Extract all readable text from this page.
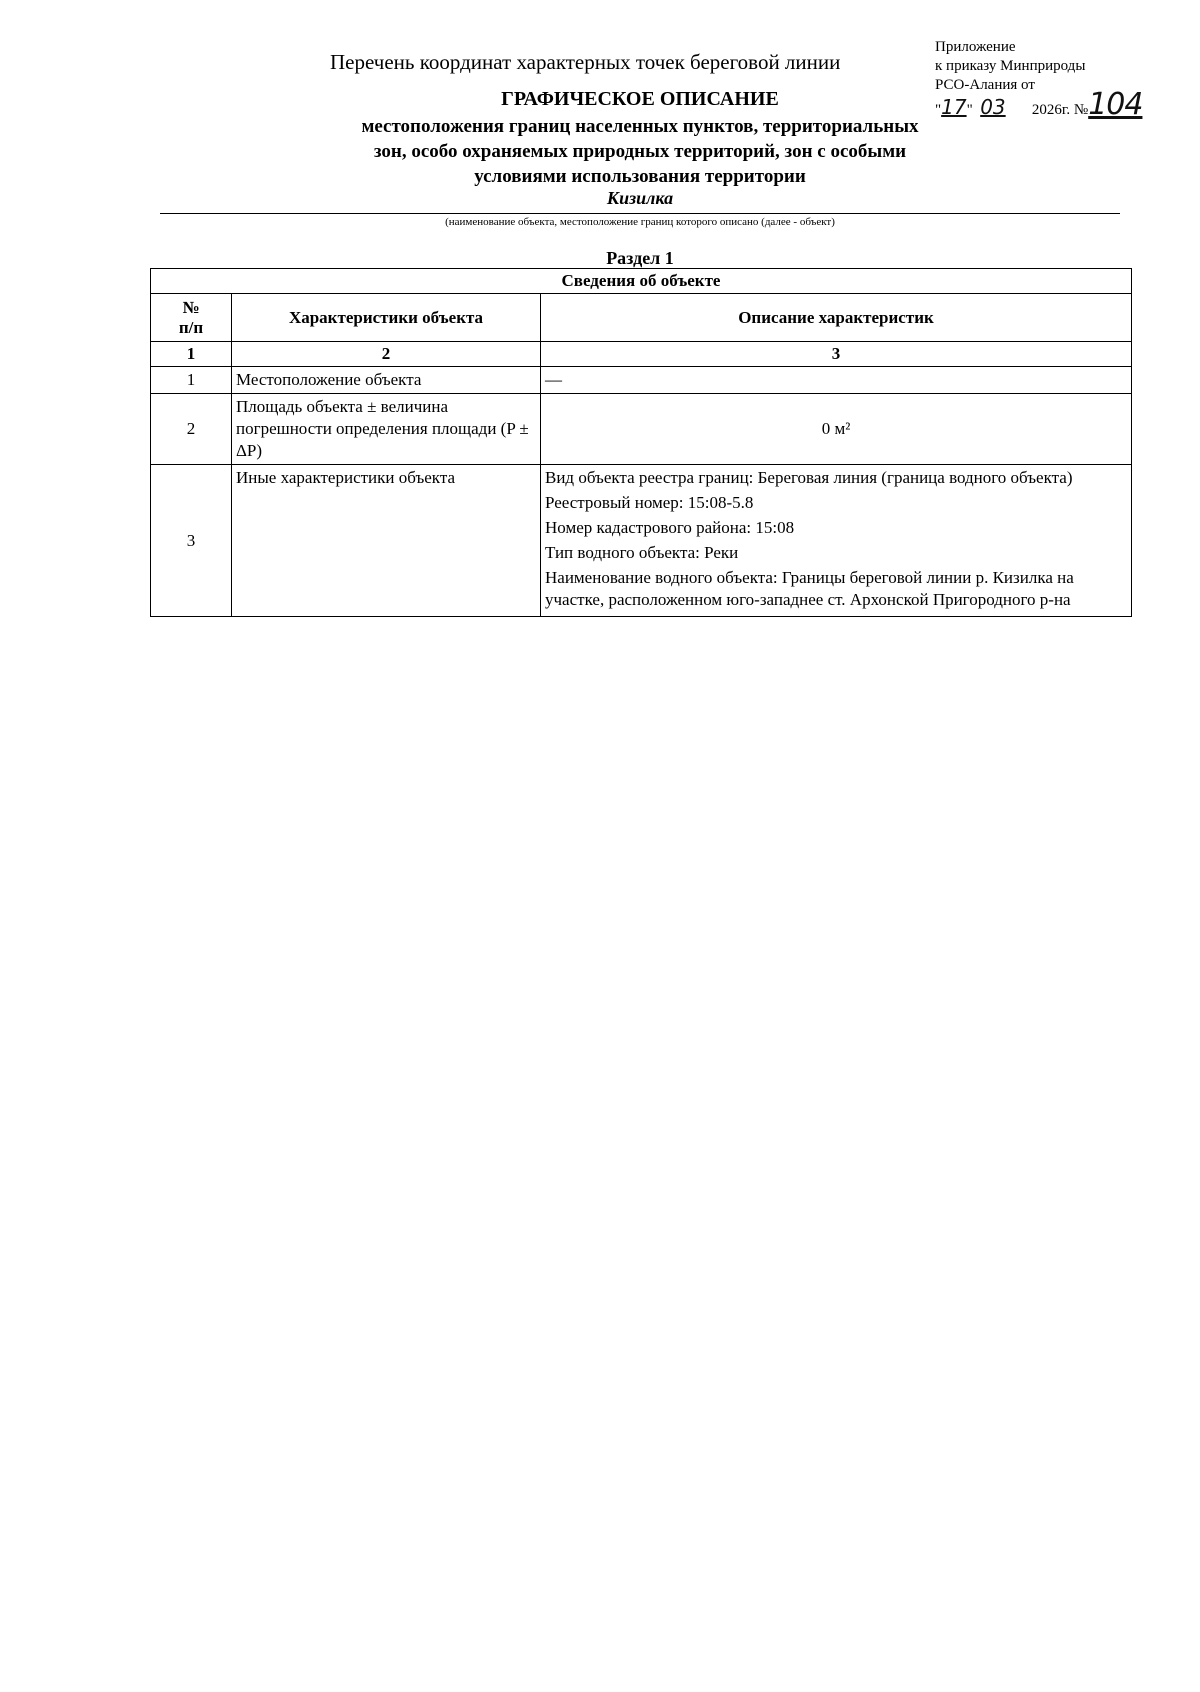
Приложение
к приказу Минприроды
РСО-Алания от
"17"  03 2026г. №104
Перечень координат характерных точек береговой линии
ГРАФИЧЕСКОЕ ОПИСАНИЕ
местоположения границ населенных пунктов, территориальных
зон, особо охраняемых природных территорий, зон с особыми
условиями использования территории
Кизилка
(наименование объекта, местоположение границ которого описано (далее - объект)
Раздел 1
Сведения об объекте		

№
п/п	Характеристики объекта	Описание характеристик
1	2	3
1	Местоположение объекта	—
2	Площадь объекта ± величина погрешности определения площади (P ± ΔP)	0 м²
3	Иные характеристики объекта	Вид объекта реестра границ: Береговая линия (граница водного объекта)
Реестровый номер: 15:08-5.8
Номер кадастрового района: 15:08
Тип водного объекта: Реки
Наименование водного объекта: Границы береговой линии р. Кизилка на участке, расположенном юго-западнее ст. Архонской Пригородного р-на
